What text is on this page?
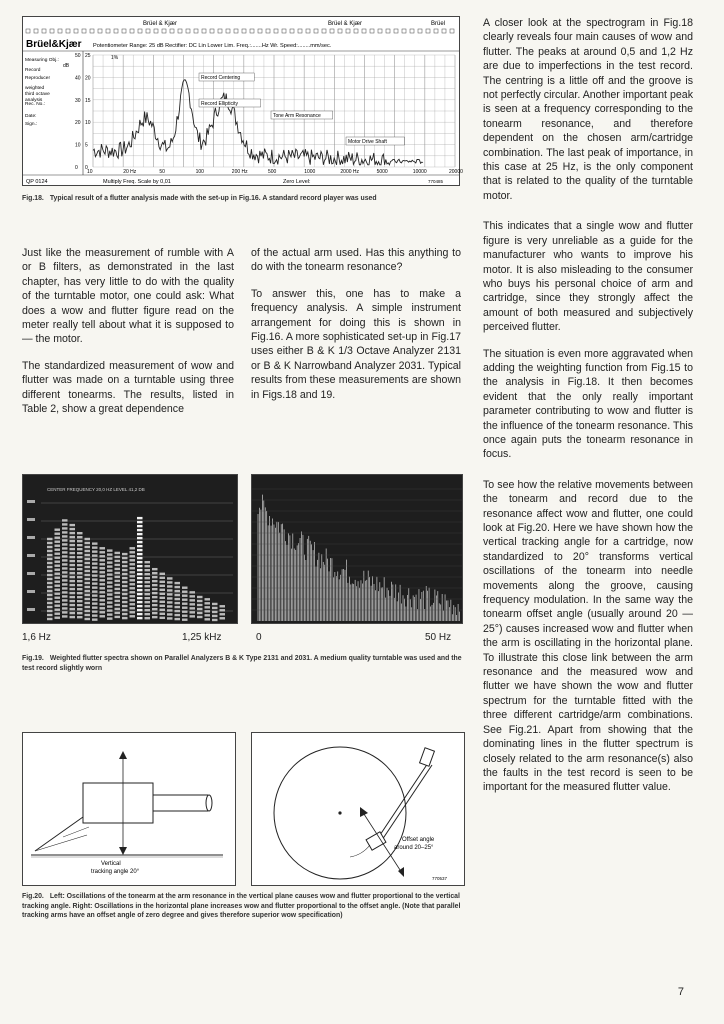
Brüel & Kjær	Brüel & Kjær	Brüel
Brüel&Kjær Potentiometer Range: 25 dB Rectifier: DC Lin Lower Lim. Freq.:.......Hz Wr. Speed:........mm/sec.
Measuring Obj.:
Record
Reproducer
weighted
third octave
analysis
Rec. No.:
Date:
Sign.:
50 25
40 20
30 15
20 10
10 5
0 0
dB
1%
Record Centering
Record Ellipticity
Tone Arm Resonance
Motor Drive Shaft
10	20 Hz	50	100	200 Hz	500	1000	2000 Hz	5000	10000	20000
QP 0124	Multiply Freq. Scale by 0,01	Zero Level:	770485
Fig.18. Typical result of a flutter analysis made with the set-up in Fig.16. A standard record player was used

Just like the measurement of rumble with A or B filters, as demonstrated in the last chapter, has very little to do with the quality of the turntable motor, one could ask: What does a wow and flutter figure read on the meter really tell about what it is supposed to — the motor.

The standardized measurement of wow and flutter was made on a turntable using three different tonearms. The results, listed in Table 2, show a great dependence

of the actual arm used. Has this anything to do with the tonearm resonance?

To answer this, one has to make a frequency analysis. A simple instrument arrangement for doing this is shown in Fig.16. A more sophisticated set-up in Fig.17 uses either B & K 1/3 Octave Analyzer 2131 or B & K Narrowband Analyzer 2031. Typical results from these measurements are shown in Figs.18 and 19.

A closer look at the spectrogram in Fig.18 clearly reveals four main causes of wow and flutter. The peaks at around 0,5 and 1,2 Hz are due to imperfections in the test record. The centring is a little off and the groove is not perfectly circular. Another important peak is seen at a frequency corresponding to the tonearm resonance, and therefore dependent on the chosen arm/cartridge combination. The last peak of importance, in this case at 25 Hz, is the only component that is related to the quality of the turntable motor.

This indicates that a single wow and flutter figure is very unreliable as a guide for the manufacturer who wants to improve his motor. It is also misleading to the consumer who buys his personal choice of arm and cartridge, since they strongly affect the amount of both measured and subjectively perceived flutter.

The situation is even more aggravated when adding the weighting function from Fig.15 to the analysis in Fig.18. It then becomes evident that the only really important parameter contributing to wow and flutter is the influence of the tonearm resonance. This once again puts the tonearm resonance in focus.

To see how the relative movements between the tonearm and record due to the resonance affect wow and flutter, one could look at Fig.20. Here we have shown how the vertical tracking angle for a cartridge, now standardized to 20° transforms vertical oscillations of the tonearm into needle movements along the groove, causing frequency modulation. In the same way the tonearm offset angle (usually around 20 — 25°) causes increased wow and flutter when the arm is oscillating in the horizontal plane. To illustrate this close link between the arm resonance and the measured wow and flutter we have shown the wow and flutter spectrum for the turntable fitted with the three different cartridge/arm combinations. See Fig.21. Apart from showing that the dominating lines in the flutter spectrum is closely related to the arm resonance(s) also the faults in the test record is seen to be important for the measured flutter value.

CENTER FREQUENCY 20,0 HZ LEVEL 41,2 DB
1,6 Hz	1,25 kHz	0	50 Hz
Fig.19. Weighted flutter spectra shown on Parallel Analyzers B & K Type 2131 and 2031. A medium quality turntable was used and the test record slightly worn
Vertical
tracking angle 20°
Offset angle
around 20–25°
770537
Fig.20. Left: Oscillations of the tonearm at the arm resonance in the vertical plane causes wow and flutter proportional to the vertical tracking angle. Right: Oscillations in the horizontal plane increases wow and flutter proportional to the offset angle. (Note that parallel tracking arms have an offset angle of zero degree and gives therefore superior wow specification)
7
